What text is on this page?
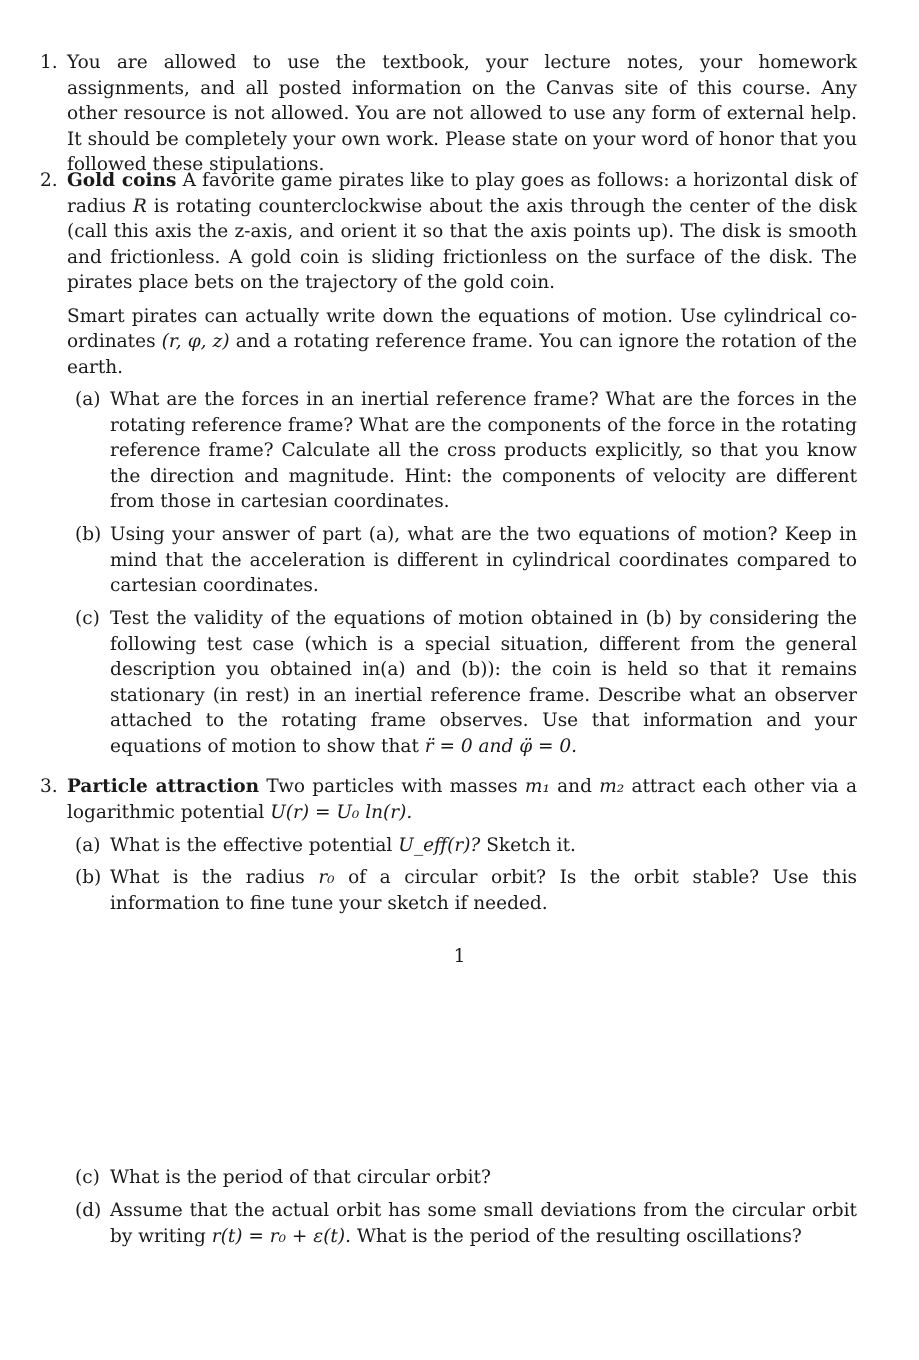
1. You are allowed to use the textbook, your lecture notes, your homework assignments, and all posted information on the Canvas site of this course. Any other resource is not allowed. You are not allowed to use any form of external help. It should be completely your own work. Please state on your word of honor that you followed these stipulations.

2. Gold coins A favorite game pirates like to play goes as follows: a horizontal disk of radius R is rotating counterclockwise about the axis through the center of the disk (call this axis the z-axis, and orient it so that the axis points up). The disk is smooth and frictionless. A gold coin is sliding frictionless on the surface of the disk. The pirates place bets on the trajectory of the gold coin.

Smart pirates can actually write down the equations of motion. Use cylindrical co-ordinates (r, φ, z) and a rotating reference frame. You can ignore the rotation of the earth.

(a) What are the forces in an inertial reference frame? What are the forces in the rotating reference frame? What are the components of the force in the rotating reference frame? Calculate all the cross products explicitly, so that you know the direction and magnitude. Hint: the components of velocity are different from those in cartesian coordinates.

(b) Using your answer of part (a), what are the two equations of motion? Keep in mind that the acceleration is different in cylindrical coordinates compared to cartesian coordinates.

(c) Test the validity of the equations of motion obtained in (b) by considering the following test case (which is a special situation, different from the general description you obtained in(a) and (b)): the coin is held so that it remains stationary (in rest) in an inertial reference frame. Describe what an observer attached to the rotating frame observes. Use that information and your equations of motion to show that r̈ = 0 and φ̈ = 0.

3. Particle attraction Two particles with masses m₁ and m₂ attract each other via a logarithmic potential U(r) = U₀ ln(r).

(a) What is the effective potential U_eff(r)? Sketch it.

(b) What is the radius r₀ of a circular orbit? Is the orbit stable? Use this information to fine tune your sketch if needed.

1
(c) What is the period of that circular orbit?

(d) Assume that the actual orbit has some small deviations from the circular orbit by writing r(t) = r₀ + ε(t). What is the period of the resulting oscillations?
